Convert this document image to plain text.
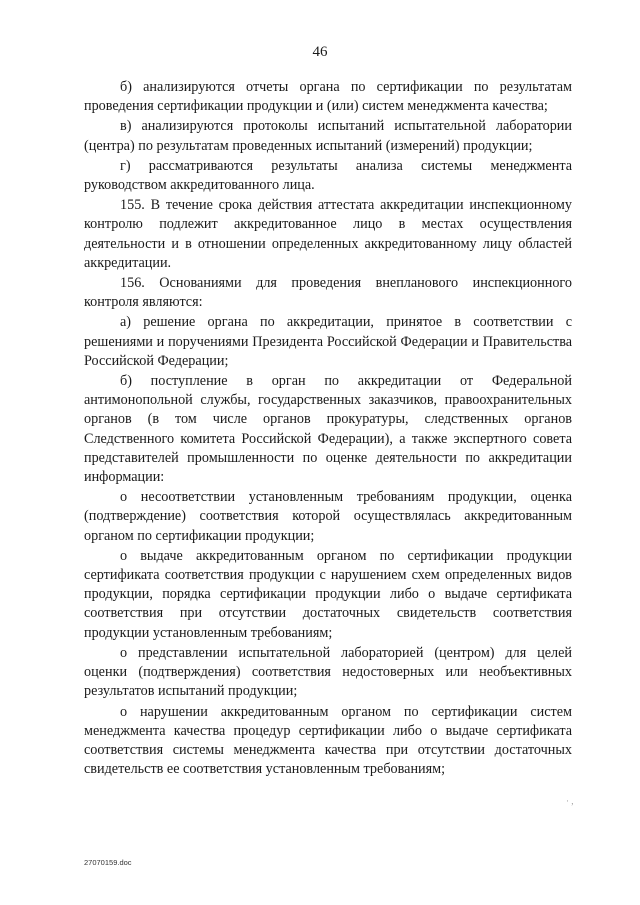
46

б) анализируются отчеты органа по сертификации по результатам проведения сертификации продукции и (или) систем менеджмента качества;

в) анализируются протоколы испытаний испытательной лаборатории (центра) по результатам проведенных испытаний (измерений) продукции;

г) рассматриваются результаты анализа системы менеджмента руководством аккредитованного лица.

155. В течение срока действия аттестата аккредитации инспекционному контролю подлежит аккредитованное лицо в местах осуществления деятельности и в отношении определенных аккредитованному лицу областей аккредитации.

156. Основаниями для проведения внепланового инспекционного контроля являются:

а) решение органа по аккредитации, принятое в соответствии с решениями и поручениями Президента Российской Федерации и Правительства Российской Федерации;

б) поступление в орган по аккредитации от Федеральной антимонопольной службы, государственных заказчиков, правоохранительных органов (в том числе органов прокуратуры, следственных органов Следственного комитета Российской Федерации), а также экспертного совета представителей промышленности по оценке деятельности по аккредитации информации:

о несоответствии установленным требованиям продукции, оценка (подтверждение) соответствия которой осуществлялась аккредитованным органом по сертификации продукции;

о выдаче аккредитованным органом по сертификации продукции сертификата соответствия продукции с нарушением схем определенных видов продукции, порядка сертификации продукции либо о выдаче сертификата соответствия при отсутствии достаточных свидетельств соответствия продукции установленным требованиям;

о представлении испытательной лабораторией (центром) для целей оценки (подтверждения) соответствия недостоверных или необъективных результатов испытаний продукции;

о нарушении аккредитованным органом по сертификации систем менеджмента качества процедур сертификации либо о выдаче сертификата соответствия системы менеджмента качества при отсутствии достаточных свидетельств ее соответствия установленным требованиям;

· ,
27070159.doc
